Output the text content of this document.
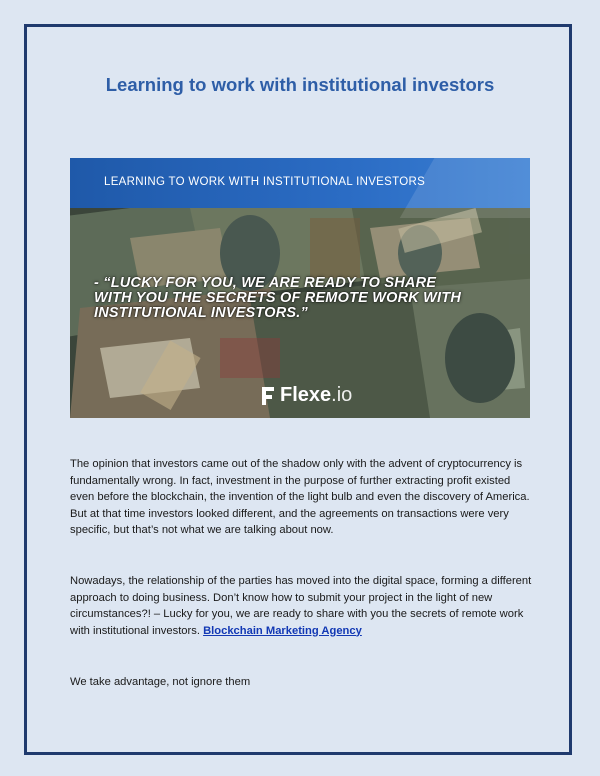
Learning to work with institutional investors
LEARNING TO WORK WITH INSTITUTIONAL INVESTORS
- “LUCKY FOR YOU, WE ARE READY TO SHARE WITH YOU THE SECRETS OF REMOTE WORK WITH INSTITUTIONAL INVESTORS.”
Flexe .io

The opinion that investors came out of the shadow only with the advent of cryptocurrency is fundamentally wrong. In fact, investment in the purpose of further extracting profit existed even before the blockchain, the invention of the light bulb and even the discovery of America. But at that time investors looked different, and the agreements on transactions were very specific, but that’s not what we are talking about now.

Nowadays, the relationship of the parties has moved into the digital space, forming a different approach to doing business. Don’t know how to submit your project in the light of new circumstances?! – Lucky for you, we are ready to share with you the secrets of remote work with institutional investors. Blockchain Marketing Agency

We take advantage, not ignore them
